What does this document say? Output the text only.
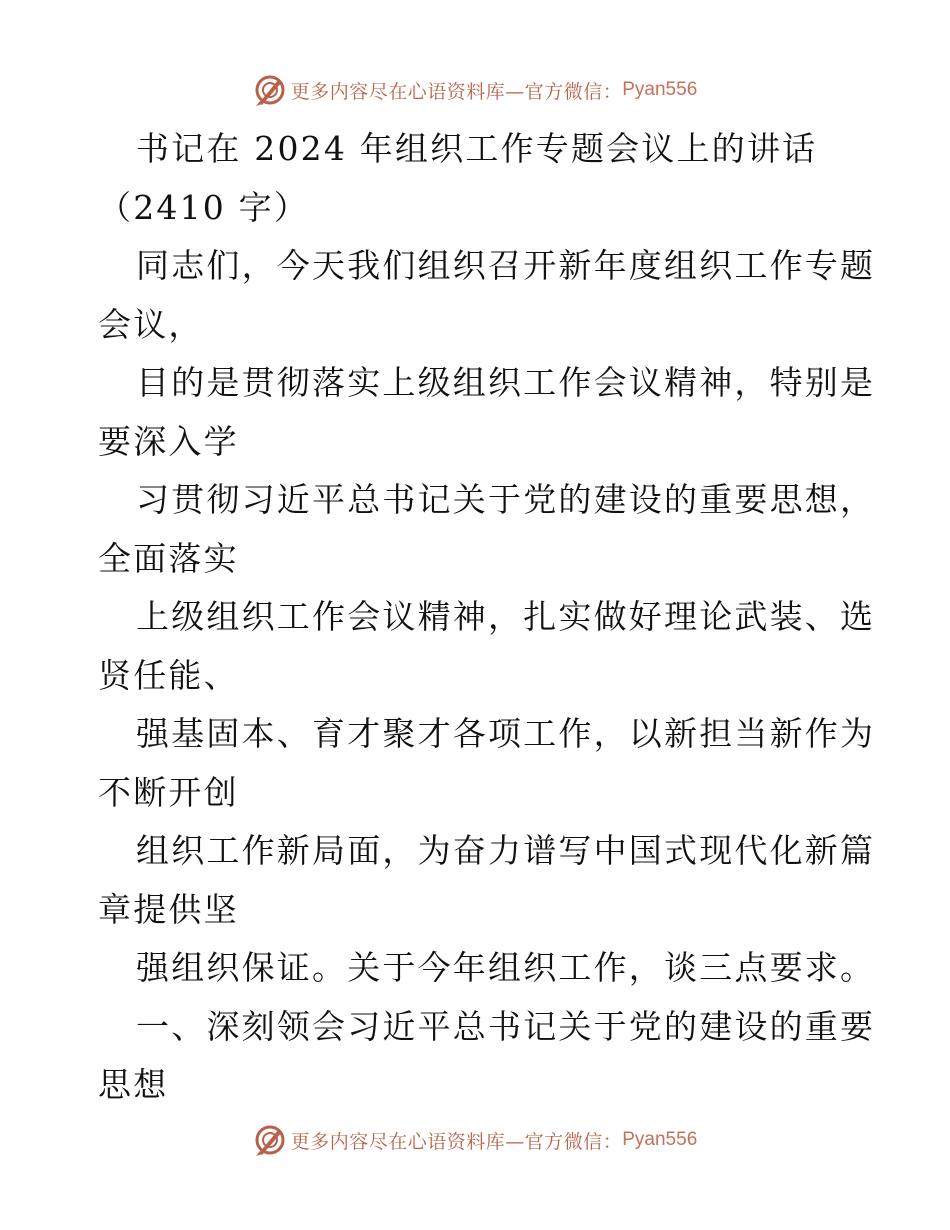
更多内容尽在心语资料库—官方微信： Pyan556
书记在 2024 年组织工作专题会议上的讲话
（2410 字）
同志们，今天我们组织召开新年度组织工作专题
会议，
目的是贯彻落实上级组织工作会议精神，特别是
要深入学
习贯彻习近平总书记关于党的建设的重要思想，
全面落实
上级组织工作会议精神，扎实做好理论武装、选
贤任能、
强基固本、育才聚才各项工作，以新担当新作为
不断开创
组织工作新局面，为奋力谱写中国式现代化新篇
章提供坚
强组织保证。关于今年组织工作，谈三点要求。
一、深刻领会习近平总书记关于党的建设的重要
思想
更多内容尽在心语资料库—官方微信： Pyan556
